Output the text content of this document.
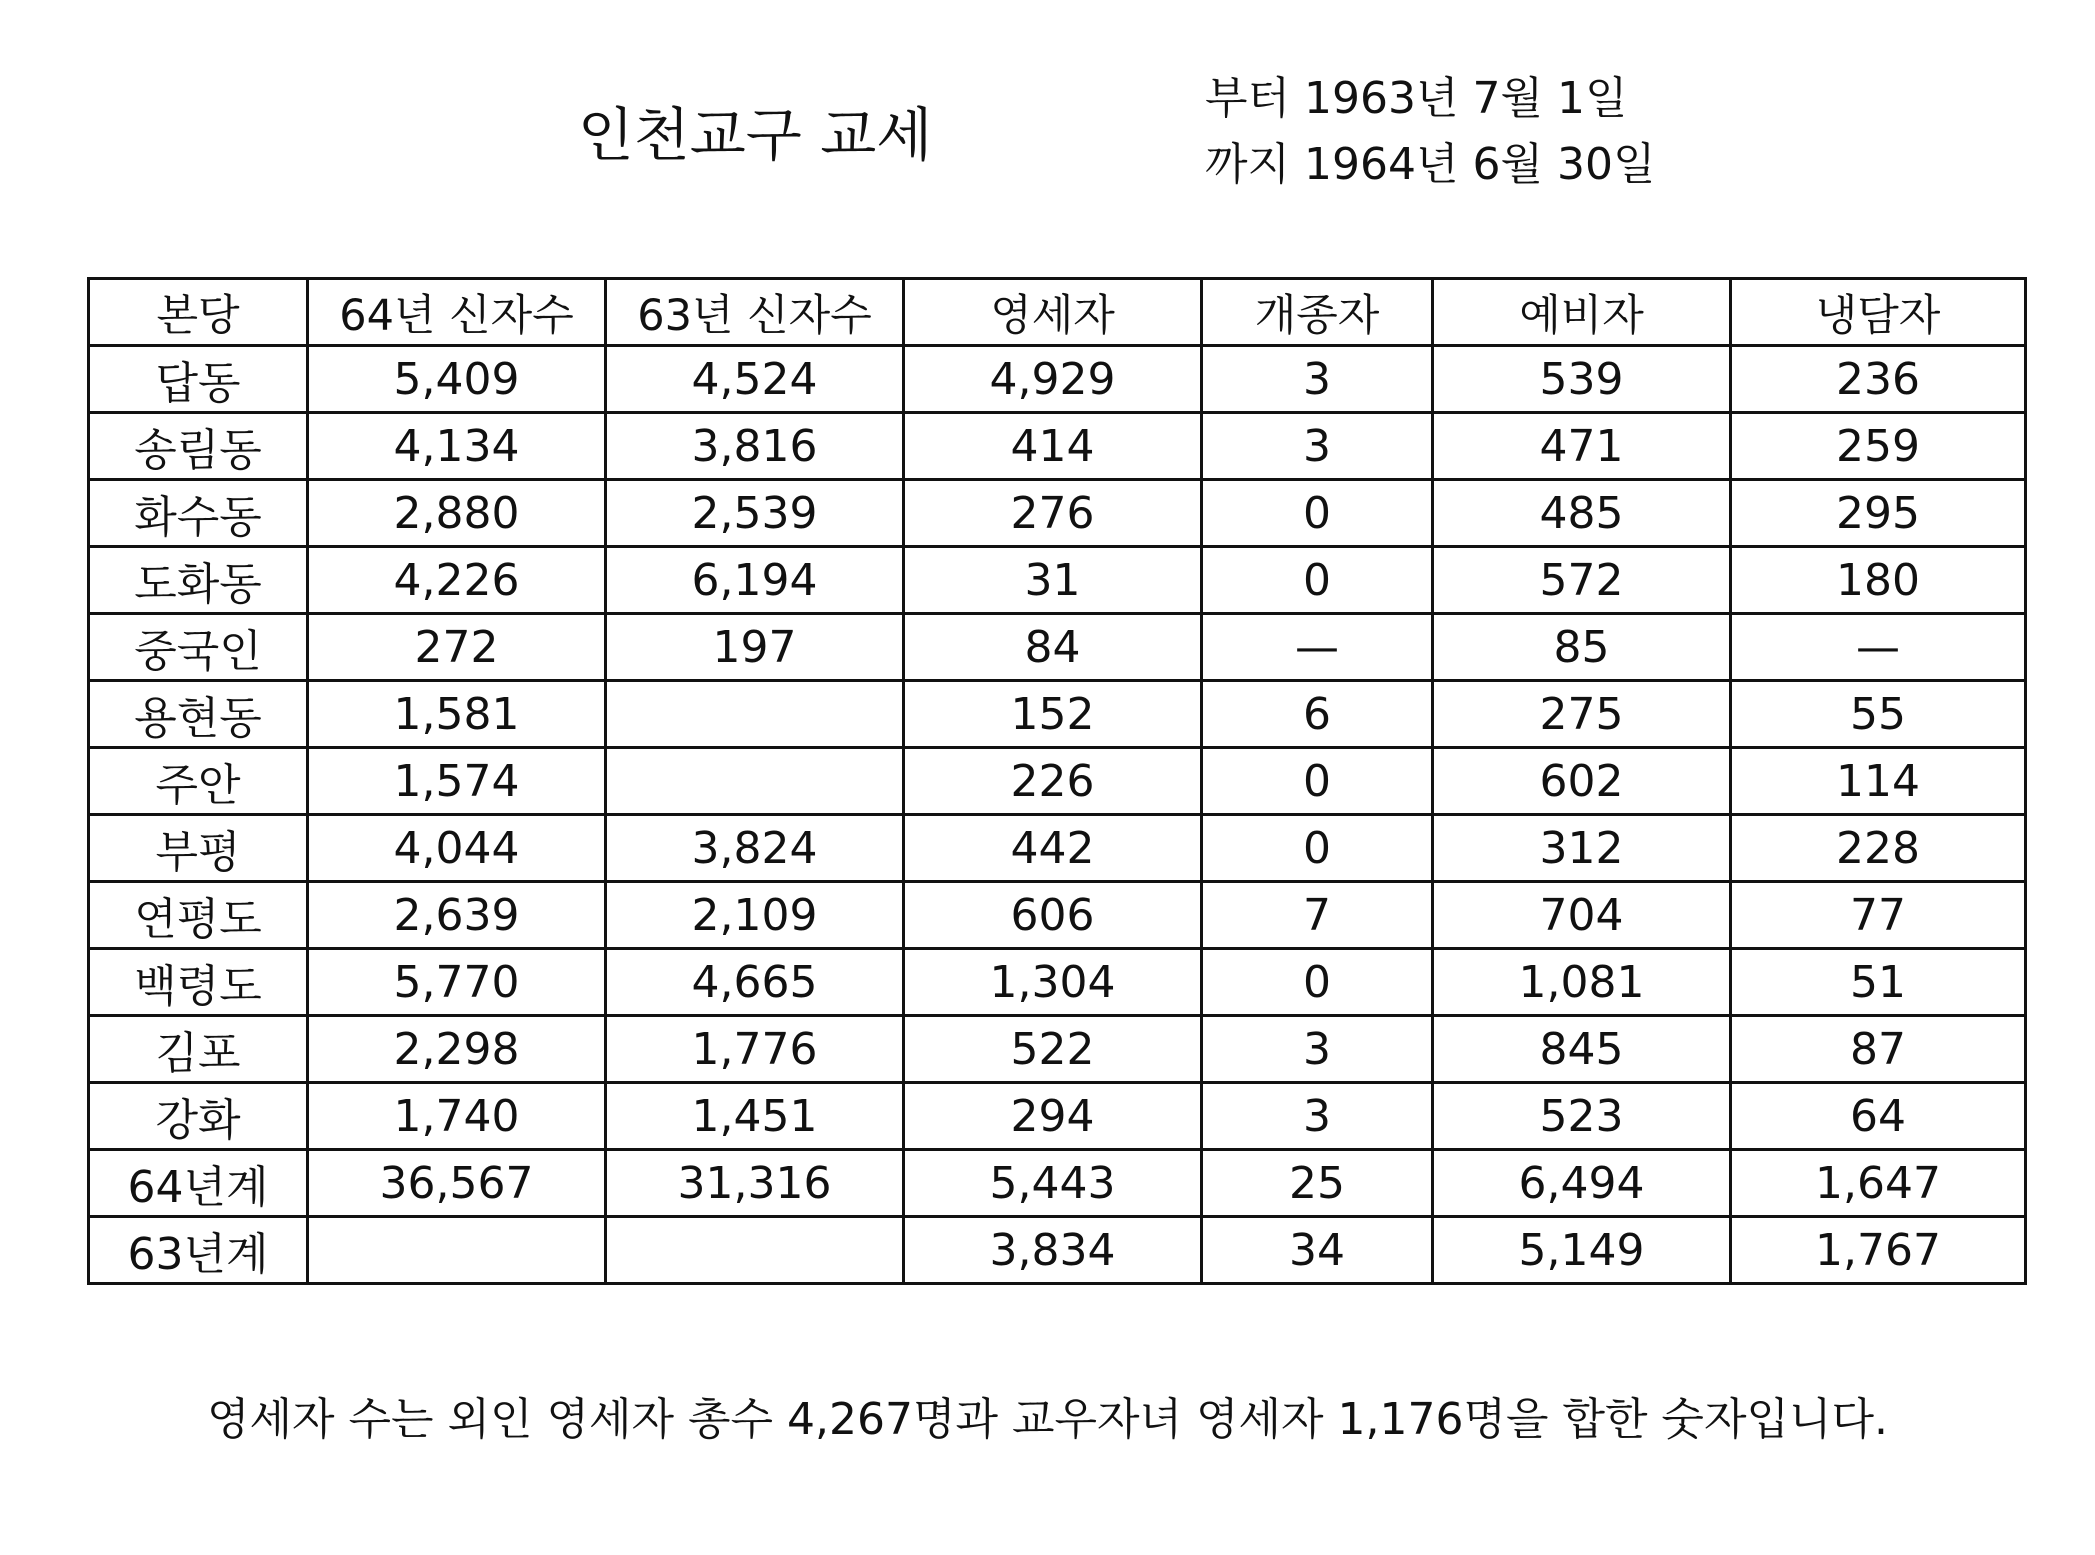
인천교구 교세
부터 1963년 7월 1일
까지 1964년 6월 30일
본당	64년 신자수	63년 신자수	영세자	개종자	예비자	냉담자
답동	5,409	4,524	4,929	3	539	236
송림동	4,134	3,816	414	3	471	259
화수동	2,880	2,539	276	0	485	295
도화동	4,226	6,194	31	0	572	180
중국인	272	197	84	—	85	—
용현동	1,581		152	6	275	55
주안	1,574		226	0	602	114
부평	4,044	3,824	442	0	312	228
연평도	2,639	2,109	606	7	704	77
백령도	5,770	4,665	1,304	0	1,081	51
김포	2,298	1,776	522	3	845	87
강화	1,740	1,451	294	3	523	64
64년계	36,567	31,316	5,443	25	6,494	1,647
63년계			3,834	34	5,149	1,767
영세자 수는 외인 영세자 총수 4,267명과 교우자녀 영세자 1,176명을 합한 숫자입니다.
